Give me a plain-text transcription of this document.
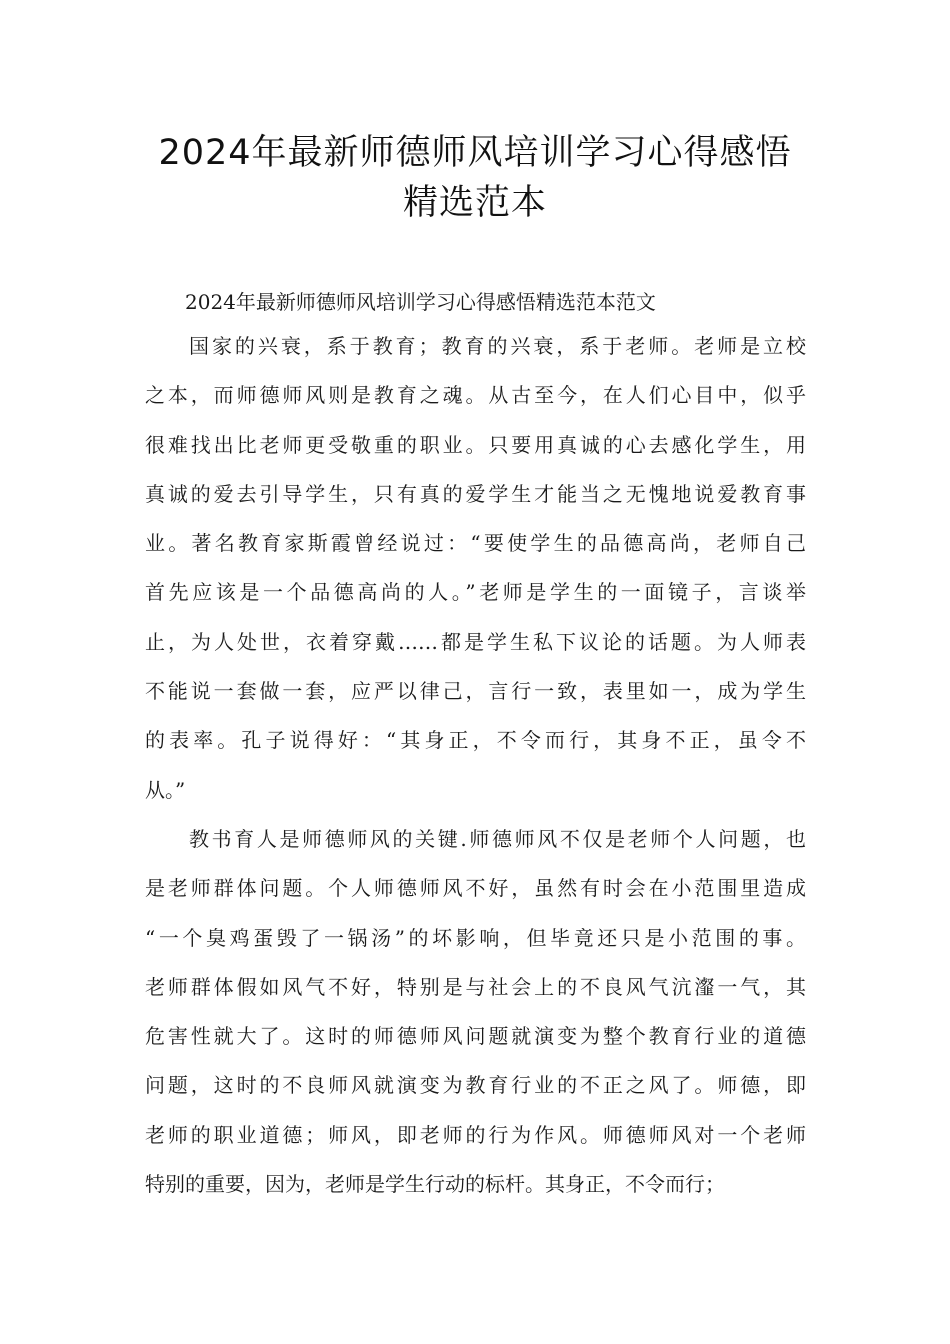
2024年最新师德师风培训学习心得感悟
精选范本

2024年最新师德师风培训学习心得感悟精选范本范文

国家的兴衰，系于教育；教育的兴衰，系于老师。老师是立校
之本，而师德师风则是教育之魂。从古至今，在人们心目中，似乎
很难找出比老师更受敬重的职业。只要用真诚的心去感化学生，用
真诚的爱去引导学生，只有真的爱学生才能当之无愧地说爱教育事
业。著名教育家斯霞曾经说过：“要使学生的品德高尚，老师自己
首先应该是一个品德高尚的人。”老师是学生的一面镜子，言谈举
止，为人处世，衣着穿戴……都是学生私下议论的话题。为人师表
不能说一套做一套，应严以律己，言行一致，表里如一，成为学生
的表率。孔子说得好：“其身正，不令而行，其身不正，虽令不
从。”

教书育人是师德师风的关键.师德师风不仅是老师个人问题，也
是老师群体问题。个人师德师风不好，虽然有时会在小范围里造成
“一个臭鸡蛋毁了一锅汤”的坏影响，但毕竟还只是小范围的事。
老师群体假如风气不好，特别是与社会上的不良风气沆瀣一气，其
危害性就大了。这时的师德师风问题就演变为整个教育行业的道德
问题，这时的不良师风就演变为教育行业的不正之风了。师德，即
老师的职业道德；师风，即老师的行为作风。师德师风对一个老师
特别的重要，因为，老师是学生行动的标杆。其身正，不令而行；
